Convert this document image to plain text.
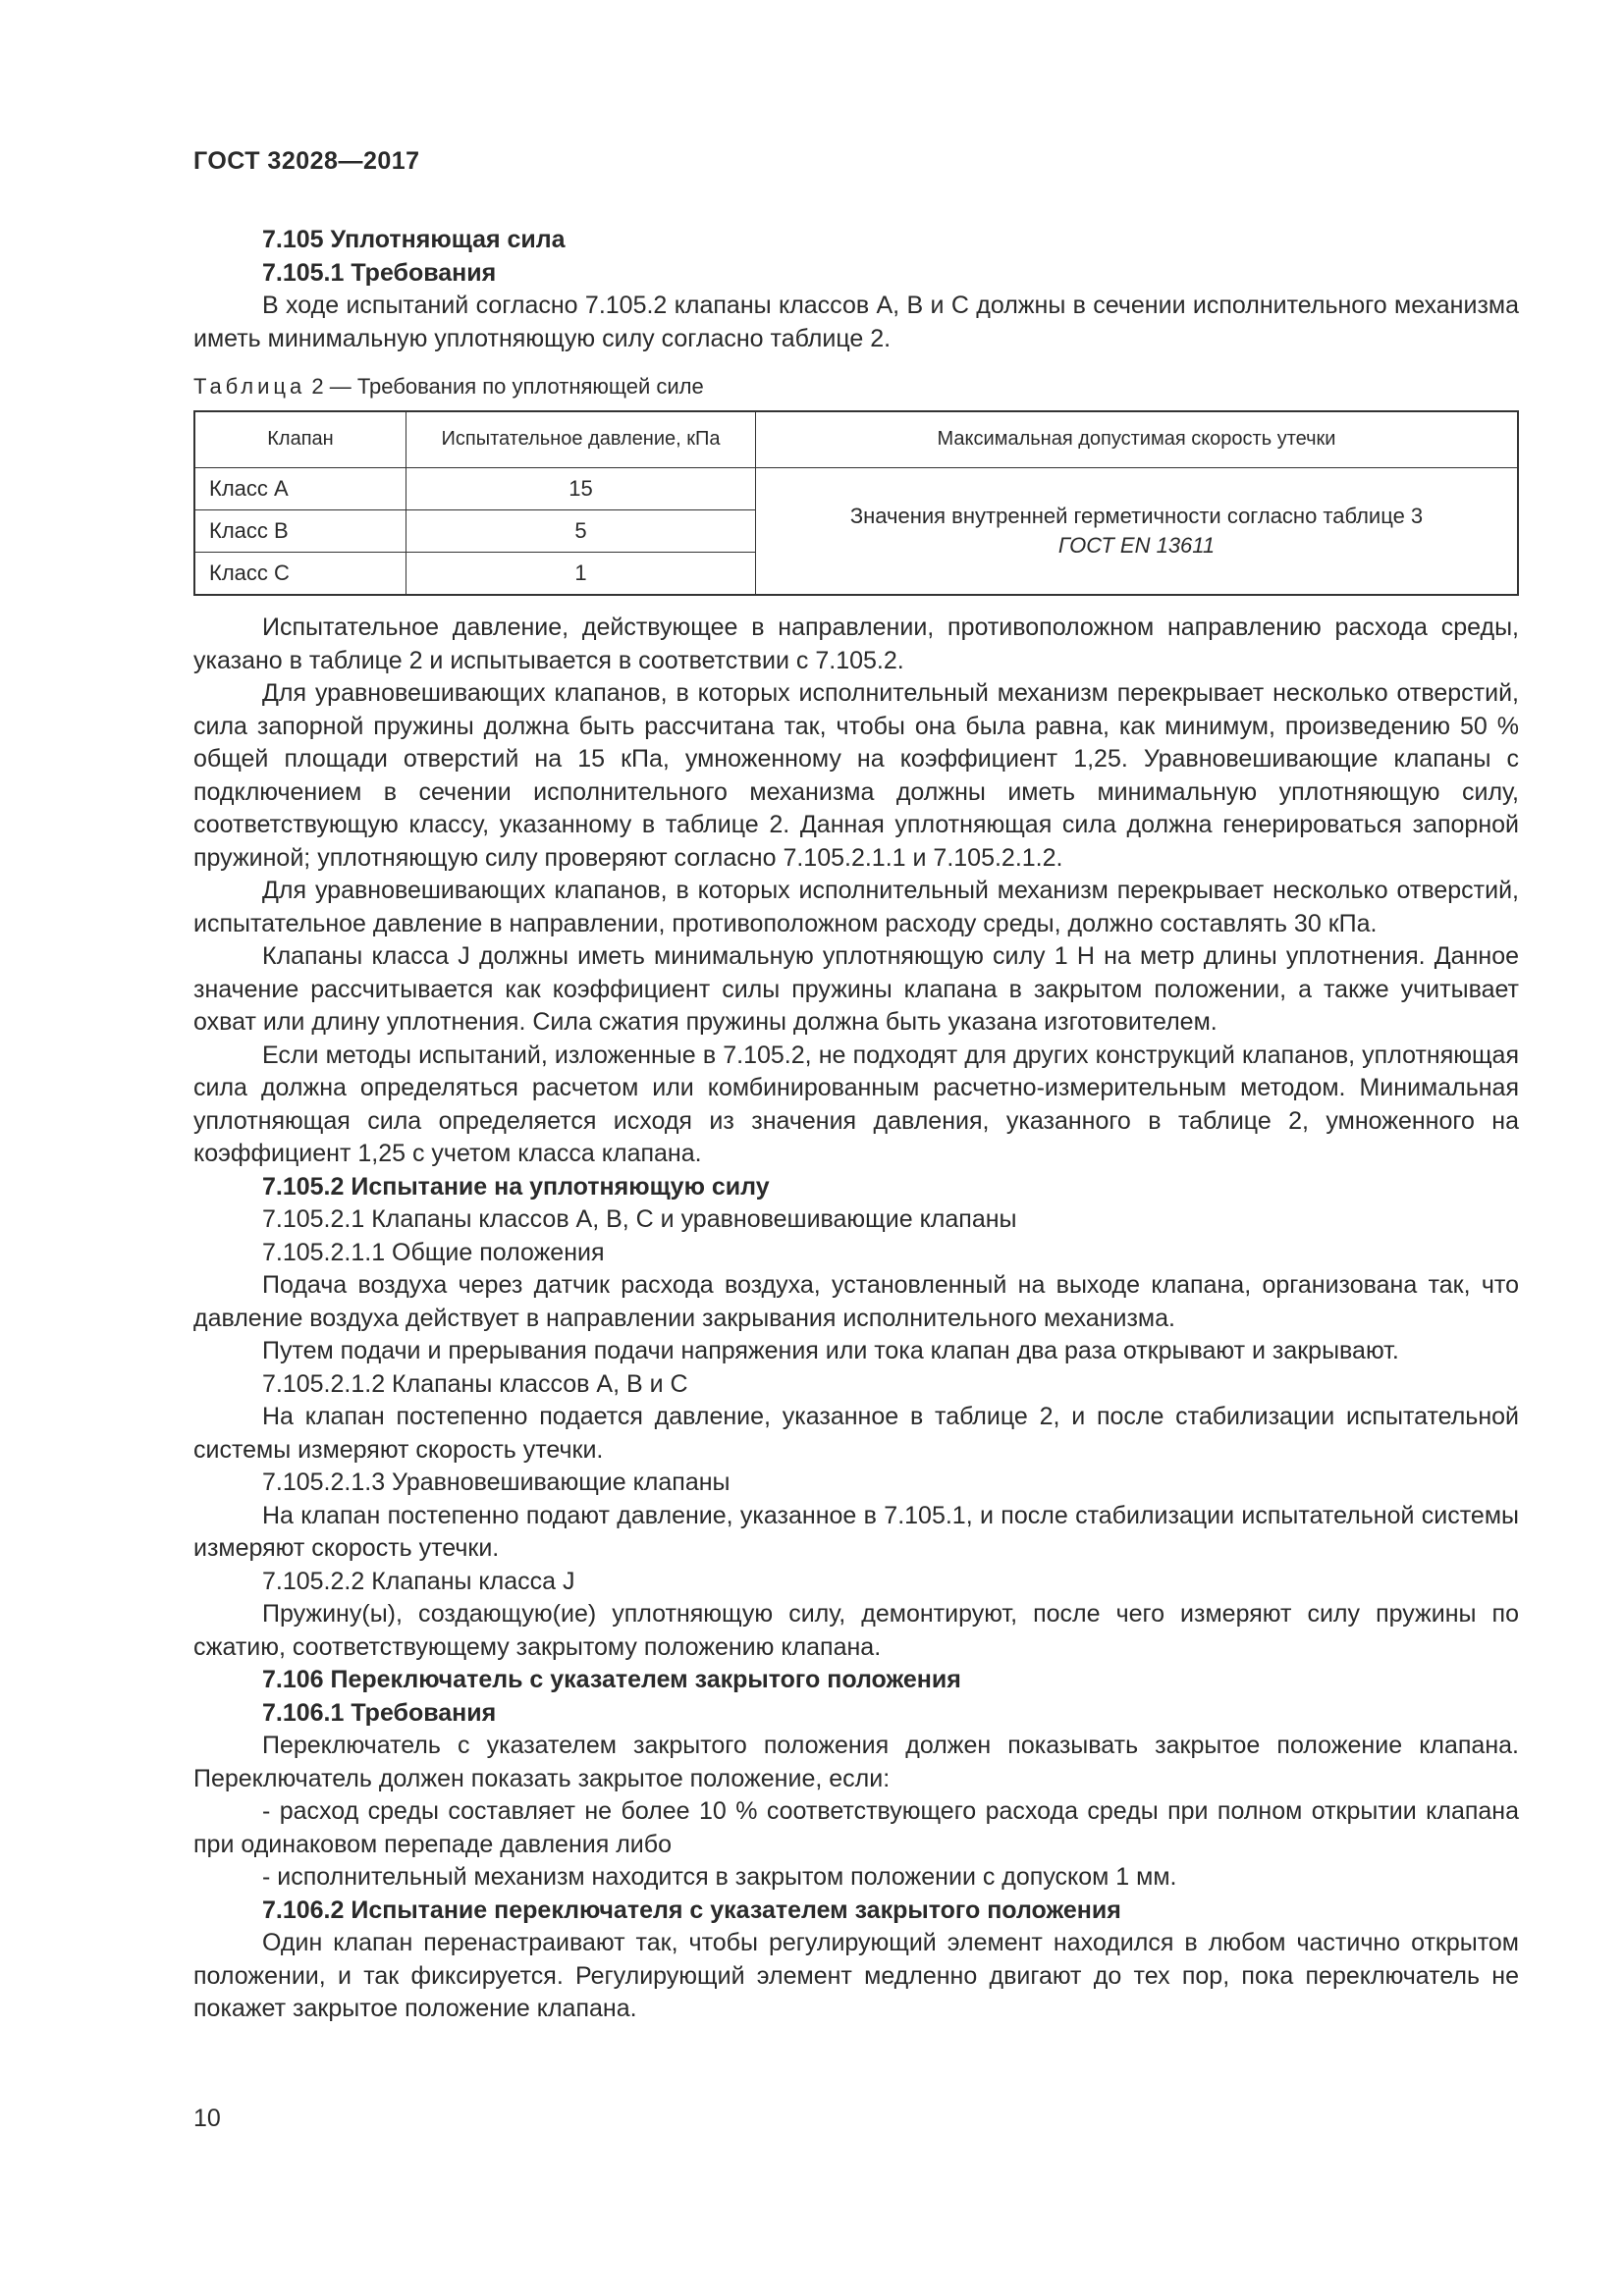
ГОСТ 32028—2017

7.105 Уплотняющая сила

7.105.1 Требования

В ходе испытаний согласно 7.105.2 клапаны классов А, В и С должны в сечении исполнительного механизма иметь минимальную уплотняющую силу согласно таблице 2.

Таблица 2 — Требования по уплотняющей силе
Клапан	Испытательное давление, кПа	Максимальная допустимая скорость утечки
Класс A	15	Значения внутренней герметичности согласно таблице 3
ГОСТ EN 13611
Класс B	5	
Класс C	1	

Испытательное давление, действующее в направлении, противоположном направлению расхода среды, указано в таблице 2 и испытывается в соответствии с 7.105.2.

Для уравновешивающих клапанов, в которых исполнительный механизм перекрывает несколько отверстий, сила запорной пружины должна быть рассчитана так, чтобы она была равна, как минимум, произведению 50 % общей площади отверстий на 15 кПа, умноженному на коэффициент 1,25. Уравновешивающие клапаны с подключением в сечении исполнительного механизма должны иметь минимальную уплотняющую силу, соответствующую классу, указанному в таблице 2. Данная уплотняющая сила должна генерироваться запорной пружиной; уплотняющую силу проверяют согласно 7.105.2.1.1 и 7.105.2.1.2.

Для уравновешивающих клапанов, в которых исполнительный механизм перекрывает несколько отверстий, испытательное давление в направлении, противоположном расходу среды, должно составлять 30 кПа.

Клапаны класса J должны иметь минимальную уплотняющую силу 1 Н на метр длины уплотнения. Данное значение рассчитывается как коэффициент силы пружины клапана в закрытом положении, а также учитывает охват или длину уплотнения. Сила сжатия пружины должна быть указана изготовителем.

Если методы испытаний, изложенные в 7.105.2, не подходят для других конструкций клапанов, уплотняющая сила должна определяться расчетом или комбинированным расчетно-измерительным методом. Минимальная уплотняющая сила определяется исходя из значения давления, указанного в таблице 2, умноженного на коэффициент 1,25 с учетом класса клапана.

7.105.2 Испытание на уплотняющую силу

7.105.2.1 Клапаны классов А, В, С и уравновешивающие клапаны

7.105.2.1.1 Общие положения

Подача воздуха через датчик расхода воздуха, установленный на выходе клапана, организована так, что давление воздуха действует в направлении закрывания исполнительного механизма.

Путем подачи и прерывания подачи напряжения или тока клапан два раза открывают и закрывают.

7.105.2.1.2 Клапаны классов А, В и С

На клапан постепенно подается давление, указанное в таблице 2, и после стабилизации испытательной системы измеряют скорость утечки.

7.105.2.1.3 Уравновешивающие клапаны

На клапан постепенно подают давление, указанное в 7.105.1, и после стабилизации испытательной системы измеряют скорость утечки.

7.105.2.2 Клапаны класса J

Пружину(ы), создающую(ие) уплотняющую силу, демонтируют, после чего измеряют силу пружины по сжатию, соответствующему закрытому положению клапана.

7.106 Переключатель с указателем закрытого положения

7.106.1 Требования

Переключатель с указателем закрытого положения должен показывать закрытое положение клапана. Переключатель должен показать закрытое положение, если:

- расход среды составляет не более 10 % соответствующего расхода среды при полном открытии клапана при одинаковом перепаде давления либо

- исполнительный механизм находится в закрытом положении с допуском 1 мм.

7.106.2 Испытание переключателя с указателем закрытого положения

Один клапан перенастраивают так, чтобы регулирующий элемент находился в любом частично открытом положении, и так фиксируется. Регулирующий элемент медленно двигают до тех пор, пока переключатель не покажет закрытое положение клапана.

10
